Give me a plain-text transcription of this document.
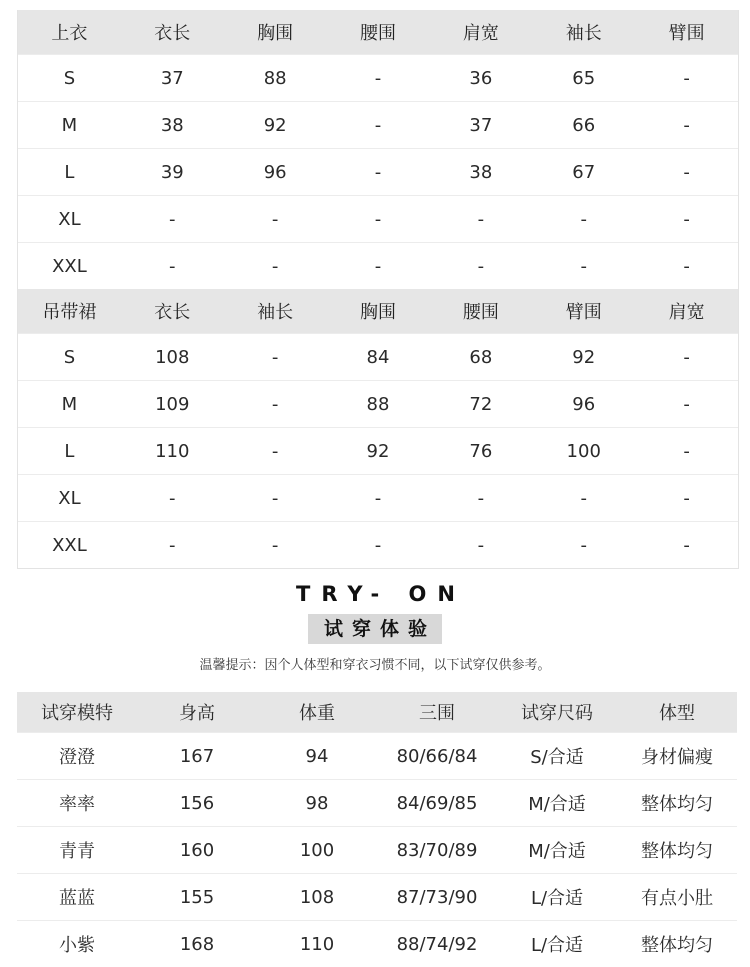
上衣	衣长	胸围	腰围	肩宽	袖长	臂围
S	37	88	-	36	65	-
M	38	92	-	37	66	-
L	39	96	-	38	67	-
XL	-	-	-	-	-	-
XXL	-	-	-	-	-	-
吊带裙	衣长	袖长	胸围	腰围	臂围	肩宽
S	108	-	84	68	92	-
M	109	-	88	72	96	-
L	110	-	92	76	100	-
XL	-	-	-	-	-	-
XXL	-	-	-	-	-	-
TRY- ON
试穿体验
温馨提示：因个人体型和穿衣习惯不同，以下试穿仅供参考。
试穿模特	身高	体重	三围	试穿尺码	体型
澄澄	167	94	80/66/84	S/合适	身材偏瘦
率率	156	98	84/69/85	M/合适	整体均匀
青青	160	100	83/70/89	M/合适	整体均匀
蓝蓝	155	108	87/73/90	L/合适	有点小肚
小紫	168	110	88/74/92	L/合适	整体均匀
